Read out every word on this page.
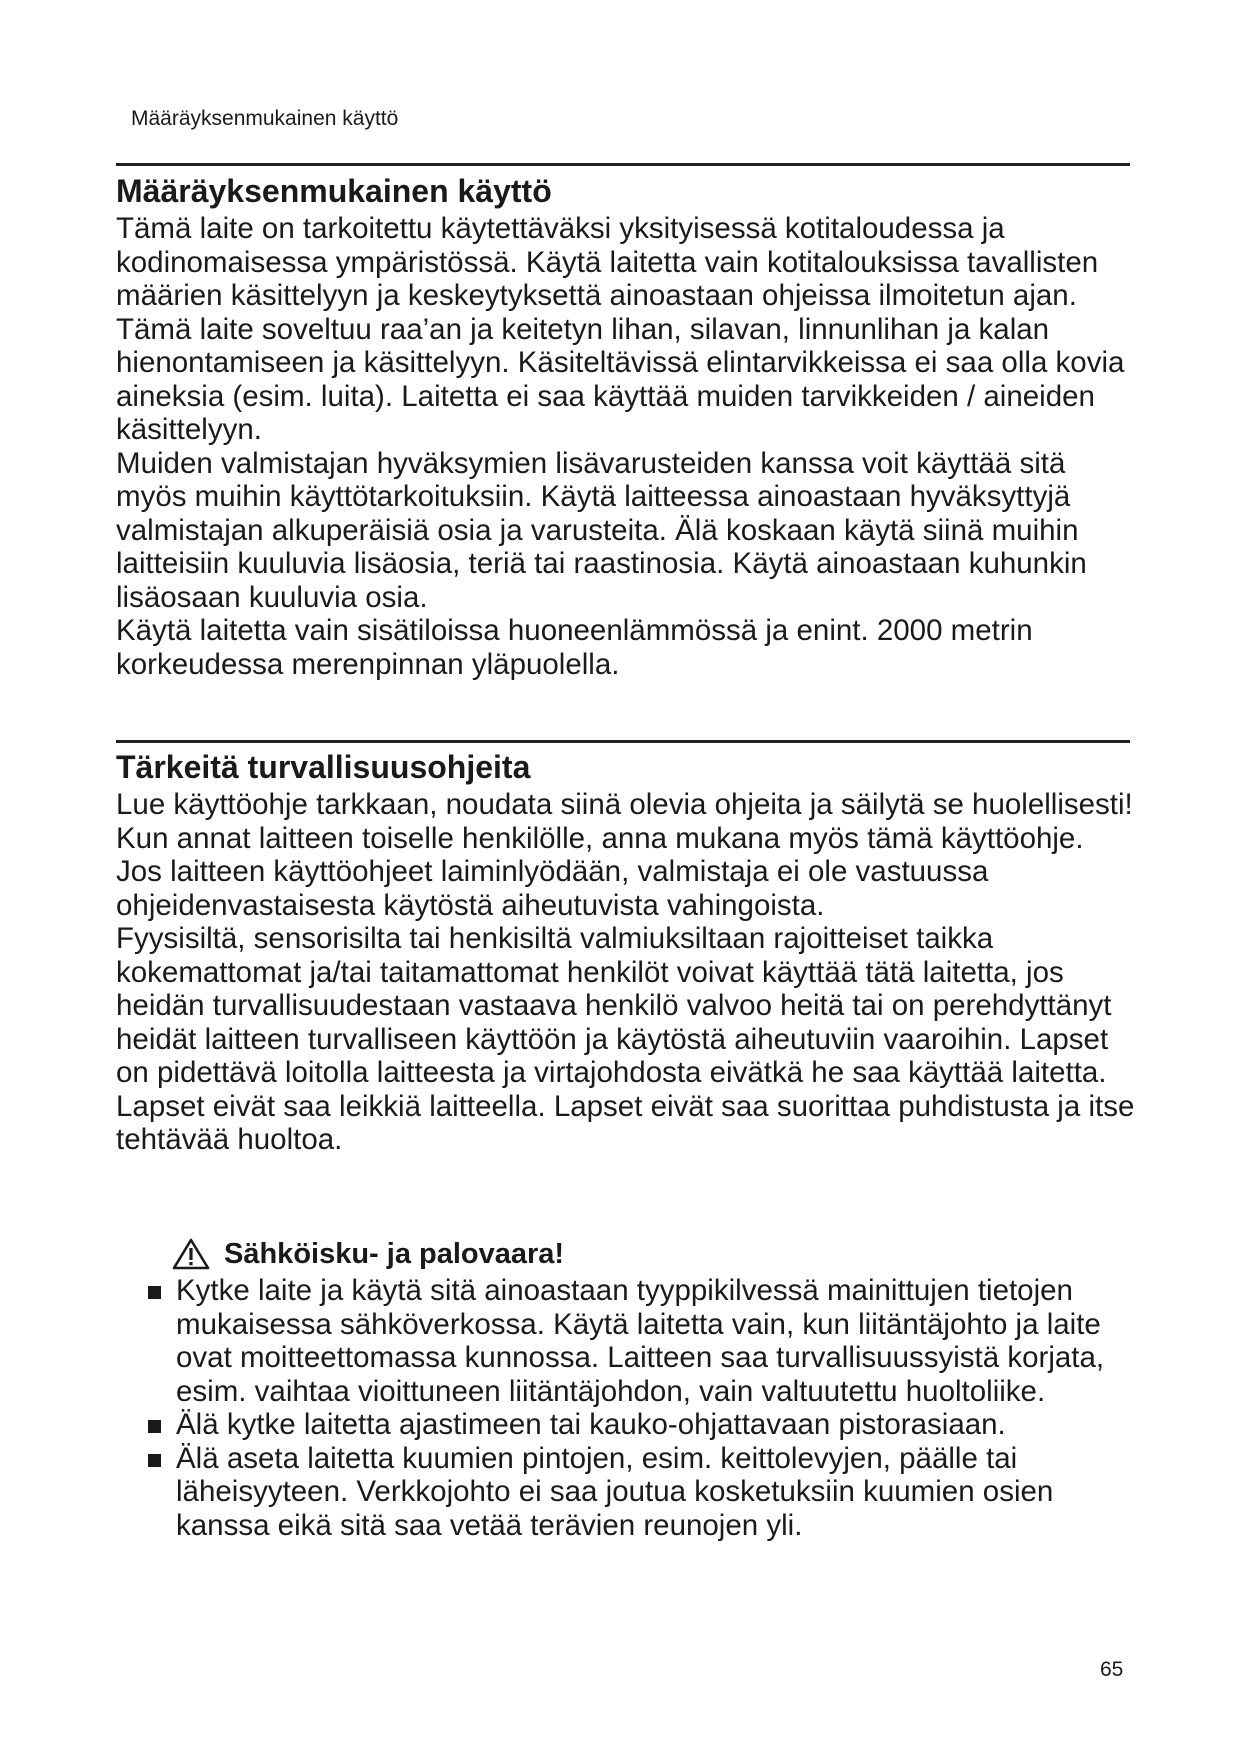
Määräyksenmukainen käyttö
Määräyksenmukainen käyttö

Tämä laite on tarkoitettu käytettäväksi yksityisessä kotitaloudessa ja kodinomaisessa ympäristössä. Käytä laitetta vain kotitalouksissa tavallisten määrien käsittelyyn ja keskeytyksettä ainoastaan ohjeissa ilmoitetun ajan.

Tämä laite soveltuu raa’an ja keitetyn lihan, silavan, linnunlihan ja kalan hienontamiseen ja käsittelyyn. Käsiteltävissä elintarvikkeissa ei saa olla kovia aineksia (esim. luita). Laitetta ei saa käyttää muiden tarvikkeiden / aineiden käsittelyyn.

Muiden valmistajan hyväksymien lisävarusteiden kanssa voit käyttää sitä myös muihin käyttötarkoituksiin. Käytä laitteessa ainoastaan hyväksyttyjä valmistajan alkuperäisiä osia ja varusteita. Älä koskaan käytä siinä muihin laitteisiin kuuluvia lisäosia, teriä tai raastinosia. Käytä ainoastaan kuhunkin lisäosaan kuuluvia osia.

Käytä laitetta vain sisätiloissa huoneenlämmössä ja enint. 2000 metrin korkeudessa merenpinnan yläpuolella.

Tärkeitä turvallisuusohjeita

Lue käyttöohje tarkkaan, noudata siinä olevia ohjeita ja säilytä se huolellisesti! Kun annat laitteen toiselle henkilölle, anna mukana myös tämä käyttöohje. Jos laitteen käyttöohjeet laiminlyödään, valmistaja ei ole vastuussa ohjeidenvastaisesta käytöstä aiheutuvista vahingoista.

Fyysisiltä, sensorisilta tai henkisiltä valmiuksiltaan rajoitteiset taikka kokemattomat ja/tai taitamattomat henkilöt voivat käyttää tätä laitetta, jos heidän turvallisuudestaan vastaava henkilö valvoo heitä tai on perehdyttänyt heidät laitteen turvalliseen käyttöön ja käytöstä aiheutuviin vaaroihin. Lapset on pidettävä loitolla laitteesta ja virtajohdosta eivätkä he saa käyttää laitetta. Lapset eivät saa leikkiä laitteella. Lapset eivät saa suorittaa puhdistusta ja itse tehtävää huoltoa.

Sähköisku- ja palovaara!
Kytke laite ja käytä sitä ainoastaan tyyppikilvessä mainittujen tietojen mukaisessa sähköverkossa. Käytä laitetta vain, kun liitäntäjohto ja laite ovat moitteettomassa kunnossa. Laitteen saa turvallisuussyistä korjata, esim. vaihtaa vioittuneen liitäntäjohdon, vain valtuutettu huoltoliike.
Älä kytke laitetta ajastimeen tai kauko-ohjattavaan pistorasiaan.
Älä aseta laitetta kuumien pintojen, esim. keittolevyjen, päälle tai läheisyyteen. Verkkojohto ei saa joutua kosketuksiin kuumien osien kanssa eikä sitä saa vetää terävien reunojen yli.
65
